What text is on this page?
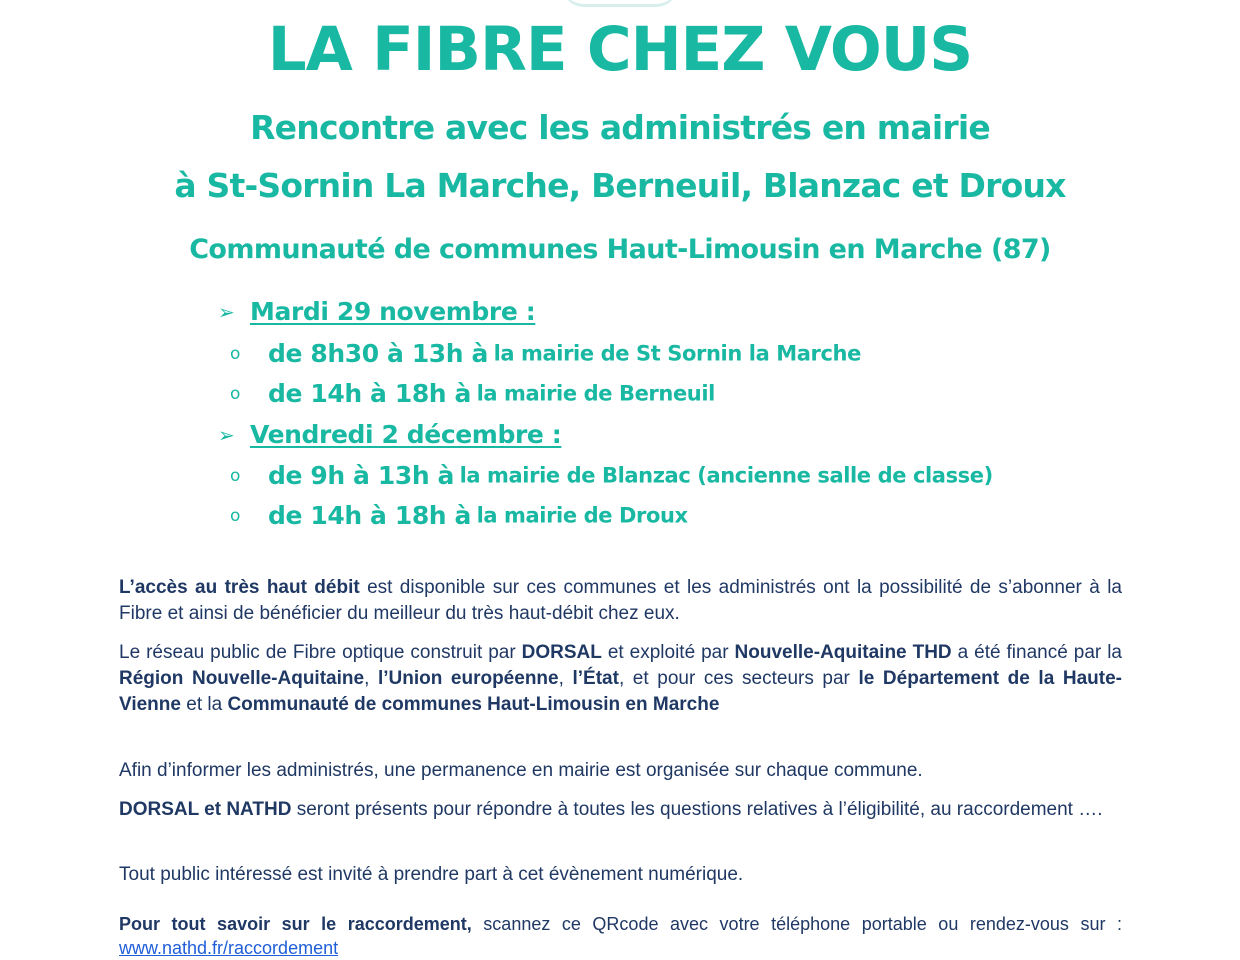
LA FIBRE CHEZ VOUS
Rencontre avec les administrés en mairie
à St-Sornin La Marche, Berneuil, Blanzac et Droux
Communauté de communes Haut-Limousin en Marche (87)
➢ Mardi 29 novembre :
o de 8h30 à 13h à la mairie de St Sornin la Marche
o de 14h à 18h à la mairie de Berneuil
➢ Vendredi 2 décembre :
o de 9h à 13h à la mairie de Blanzac (ancienne salle de classe)
o de 14h à 18h à la mairie de Droux
L’accès au très haut débit est disponible sur ces communes et les administrés ont la possibilité de s’abonner à la Fibre et ainsi de bénéficier du meilleur du très haut-débit chez eux.
Le réseau public de Fibre optique construit par DORSAL et exploité par Nouvelle-Aquitaine THD a été financé par la Région Nouvelle-Aquitaine, l’Union européenne, l’État, et pour ces secteurs par le Département de la Haute-Vienne et la Communauté de communes Haut-Limousin en Marche
Afin d’informer les administrés, une permanence en mairie est organisée sur chaque commune.
DORSAL et NATHD seront présents pour répondre à toutes les questions relatives à l’éligibilité, au raccordement ….
Tout public intéressé est invité à prendre part à cet évènement numérique.
Pour tout savoir sur le raccordement, scannez ce QRcode avec votre téléphone portable ou rendez-vous sur : www.nathd.fr/raccordement
